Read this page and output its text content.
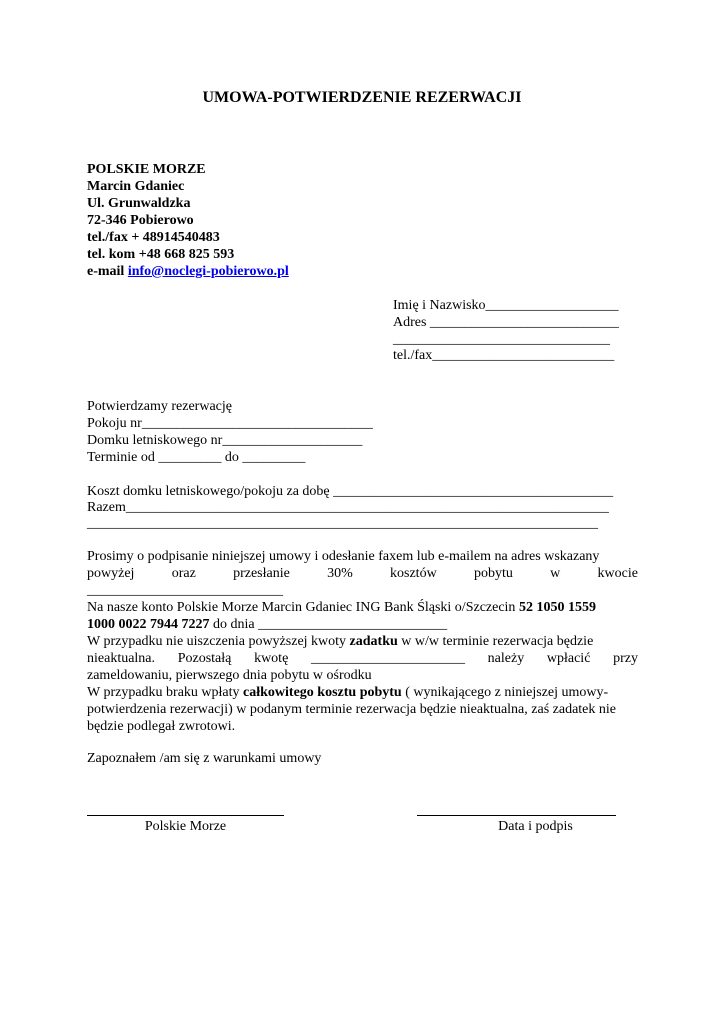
UMOWA-POTWIERDZENIE REZERWACJI
POLSKIE MORZE
Marcin Gdaniec
Ul. Grunwaldzka
72-346 Pobierowo
tel./fax + 48914540483
tel. kom +48 668 825 593
e-mail info@noclegi-pobierowo.pl
Imię i Nazwisko___________________
Adres ___________________________
_______________________________
tel./fax__________________________
Potwierdzamy rezerwację
Pokoju nr_________________________________
Domku letniskowego nr____________________
Terminie od _________ do _________
Koszt domku letniskowego/pokoju za dobę ________________________________________
Razem_____________________________________________________________________
_________________________________________________________________________
Prosimy o podpisanie niniejszej umowy i odesłanie faxem lub e-mailem na adres wskazany
powyżej	oraz	przesłanie	30%	kosztów	pobytu	w	kwocie
____________________________
Na nasze konto Polskie Morze Marcin Gdaniec ING Bank Śląski o/Szczecin 52 1050 1559
1000 0022 7944 7227 do dnia ___________________________
W przypadku nie uiszczenia powyższej kwoty zadatku w w/w terminie rezerwacja będzie
nieaktualna. Pozostałą kwotę ______________________ należy wpłacić przy
zameldowaniu, pierwszego dnia pobytu w ośrodku
W przypadku braku wpłaty całkowitego kosztu pobytu ( wynikającego z niniejszej umowy-
potwierdzenia rezerwacji) w podanym terminie rezerwacja będzie nieaktualna, zaś zadatek nie
będzie podlegał zwrotowi.
Zapoznałem /am się z warunkami umowy
Polskie Morze	Data i podpis
